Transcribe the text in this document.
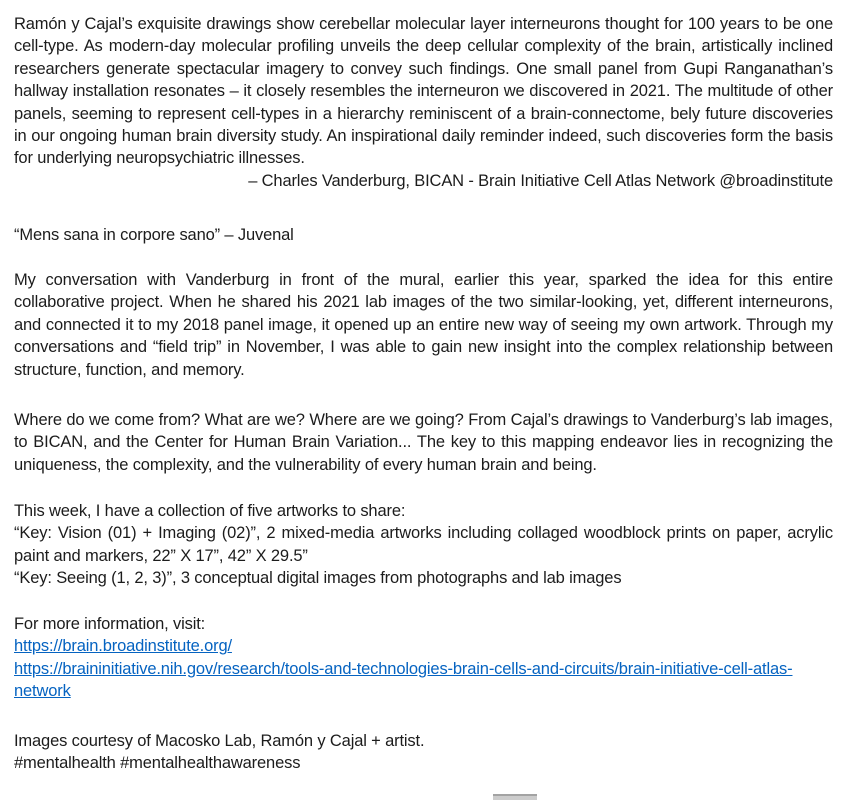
Ramón y Cajal’s exquisite drawings show cerebellar molecular layer interneurons thought for 100 years to be one cell-type. As modern-day molecular profiling unveils the deep cellular complexity of the brain, artistically inclined researchers generate spectacular imagery to convey such findings. One small panel from Gupi Ranganathan’s hallway installation resonates – it closely resembles the interneuron we discovered in 2021. The multitude of other panels, seeming to represent cell-types in a hierarchy reminiscent of a brain-connectome, bely future discoveries in our ongoing human brain diversity study. An inspirational daily reminder indeed, such discoveries form the basis for underlying neuropsychiatric illnesses.

– Charles Vanderburg, BICAN - Brain Initiative Cell Atlas Network @broadinstitute

“Mens sana in corpore sano” – Juvenal

My conversation with Vanderburg in front of the mural, earlier this year, sparked the idea for this entire collaborative project. When he shared his 2021 lab images of the two similar-looking, yet, different interneurons, and connected it to my 2018 panel image, it opened up an entire new way of seeing my own artwork. Through my conversations and “field trip” in November, I was able to gain new insight into the complex relationship between structure, function, and memory.

Where do we come from? What are we? Where are we going? From Cajal’s drawings to Vanderburg’s lab images, to BICAN, and the Center for Human Brain Variation... The key to this mapping endeavor lies in recognizing the uniqueness, the complexity, and the vulnerability of every human brain and being.

This week, I have a collection of five artworks to share:

“Key: Vision (01) + Imaging (02)”, 2 mixed-media artworks including collaged woodblock prints on paper, acrylic paint and markers, 22” X 17”, 42” X 29.5”

“Key: Seeing (1, 2, 3)”, 3 conceptual digital images from photographs and lab images

For more information, visit:

https://brain.broadinstitute.org/
https://braininitiative.nih.gov/research/tools-and-technologies-brain-cells-and-circuits/brain-initiative-cell-atlas-network

Images courtesy of Macosko Lab, Ramón y Cajal + artist.

#mentalhealth #mentalhealthawareness
